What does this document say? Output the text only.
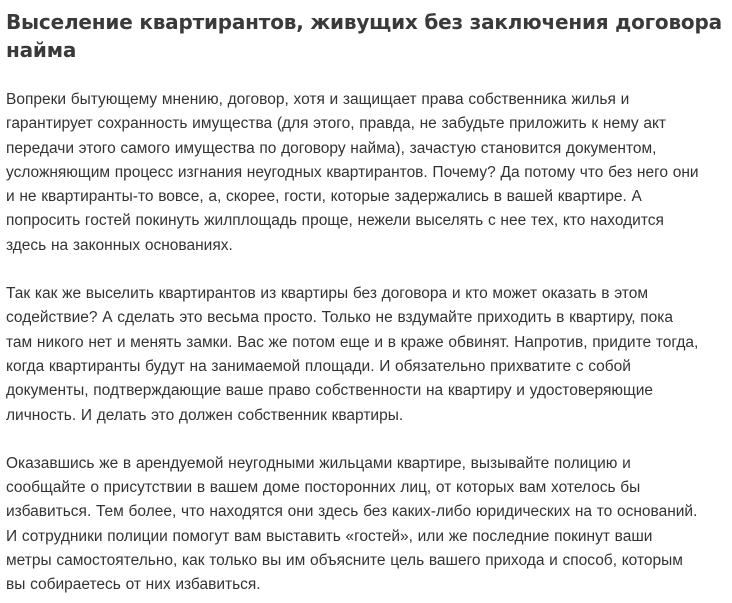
Выселение квартирантов, живущих без заключения договора
найма

Вопреки бытующему мнению, договор, хотя и защищает права собственника жилья и
гарантирует сохранность имущества (для этого, правда, не забудьте приложить к нему акт
передачи этого самого имущества по договору найма), зачастую становится документом,
усложняющим процесс изгнания неугодных квартирантов. Почему? Да потому что без него они
и не квартиранты-то вовсе, а, скорее, гости, которые задержались в вашей квартире. А
попросить гостей покинуть жилплощадь проще, нежели выселять с нее тех, кто находится
здесь на законных основаниях.

Так как же выселить квартирантов из квартиры без договора и кто может оказать в этом
содействие? А сделать это весьма просто. Только не вздумайте приходить в квартиру, пока
там никого нет и менять замки. Вас же потом еще и в краже обвинят. Напротив, придите тогда,
когда квартиранты будут на занимаемой площади. И обязательно прихватите с собой
документы, подтверждающие ваше право собственности на квартиру и удостоверяющие
личность. И делать это должен собственник квартиры.

Оказавшись же в арендуемой неугодными жильцами квартире, вызывайте полицию и
сообщайте о присутствии в вашем доме посторонних лиц, от которых вам хотелось бы
избавиться. Тем более, что находятся они здесь без каких-либо юридических на то оснований.
И сотрудники полиции помогут вам выставить «гостей», или же последние покинут ваши
метры самостоятельно, как только вы им объясните цель вашего прихода и способ, которым
вы собираетесь от них избавиться.
